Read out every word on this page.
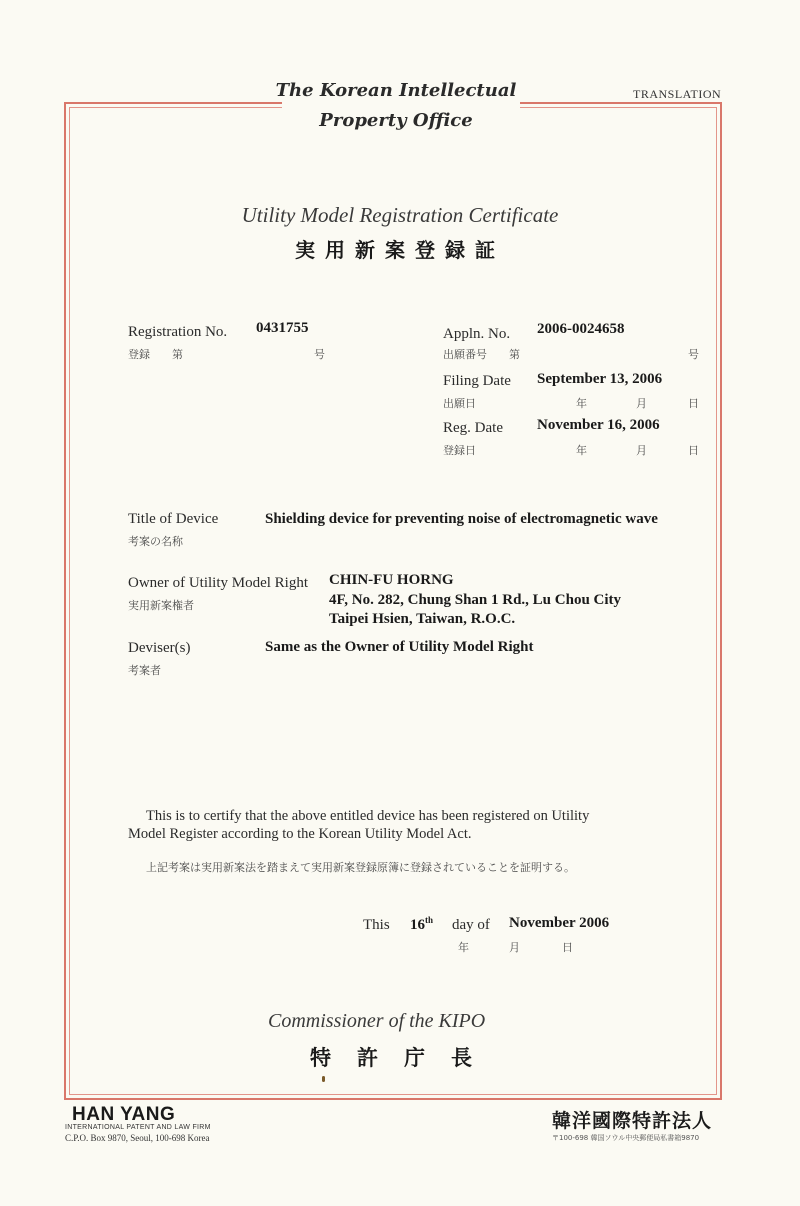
The Korean Intellectual
Property Office
TRANSLATION
Utility Model Registration Certificate
実用新案登録証
Registration No. 0431755
登録　　第	号
Appln. No. 2006-0024658
出願番号　　第	号
Filing Date September 13, 2006
出願日	年	月	日
Reg. Date November 16, 2006
登録日	年	月	日
Title of Device
考案の名称
Shielding device for preventing noise of electromagnetic wave
Owner of Utility Model Right
実用新案権者
CHIN-FU HORNG
4F, No. 282, Chung Shan 1 Rd., Lu Chou City
Taipei Hsien, Taiwan, R.O.C.
Deviser(s)
考案者
Same as the Owner of Utility Model Right
This is to certify that the above entitled device has been registered on Utility
Model Register according to the Korean Utility Model Act.
上記考案は実用新案法を踏まえて実用新案登録原簿に登録されていることを証明する。
This 16th day of November 2006
年	月	日
Commissioner of the KIPO
特許庁長
HAN YANG
INTERNATIONAL PATENT AND LAW FIRM
C.P.O. Box 9870, Seoul, 100-698 Korea
韓洋國際特許法人
〒100-698 韓国ソウル中央郵便局私書箱9870
